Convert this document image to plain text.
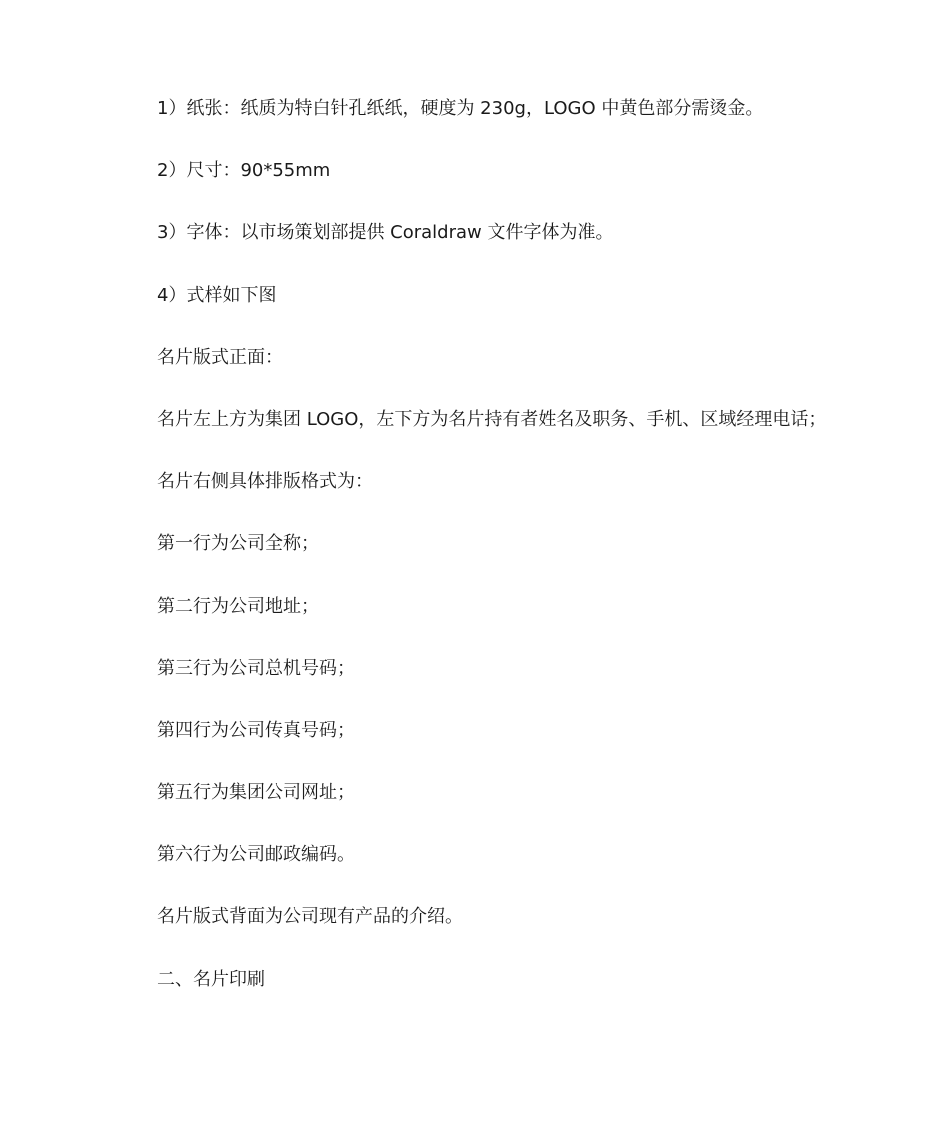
1）纸张：纸质为特白针孔纸纸，硬度为 230g，LOGO 中黄色部分需烫金。
2）尺寸：90*55mm
3）字体：以市场策划部提供 Coraldraw 文件字体为准。
4）式样如下图
名片版式正面：
名片左上方为集团 LOGO，左下方为名片持有者姓名及职务、手机、区域经理电话；
名片右侧具体排版格式为：
第一行为公司全称；
第二行为公司地址；
第三行为公司总机号码；
第四行为公司传真号码；
第五行为集团公司网址；
第六行为公司邮政编码。
名片版式背面为公司现有产品的介绍。
二、名片印刷
